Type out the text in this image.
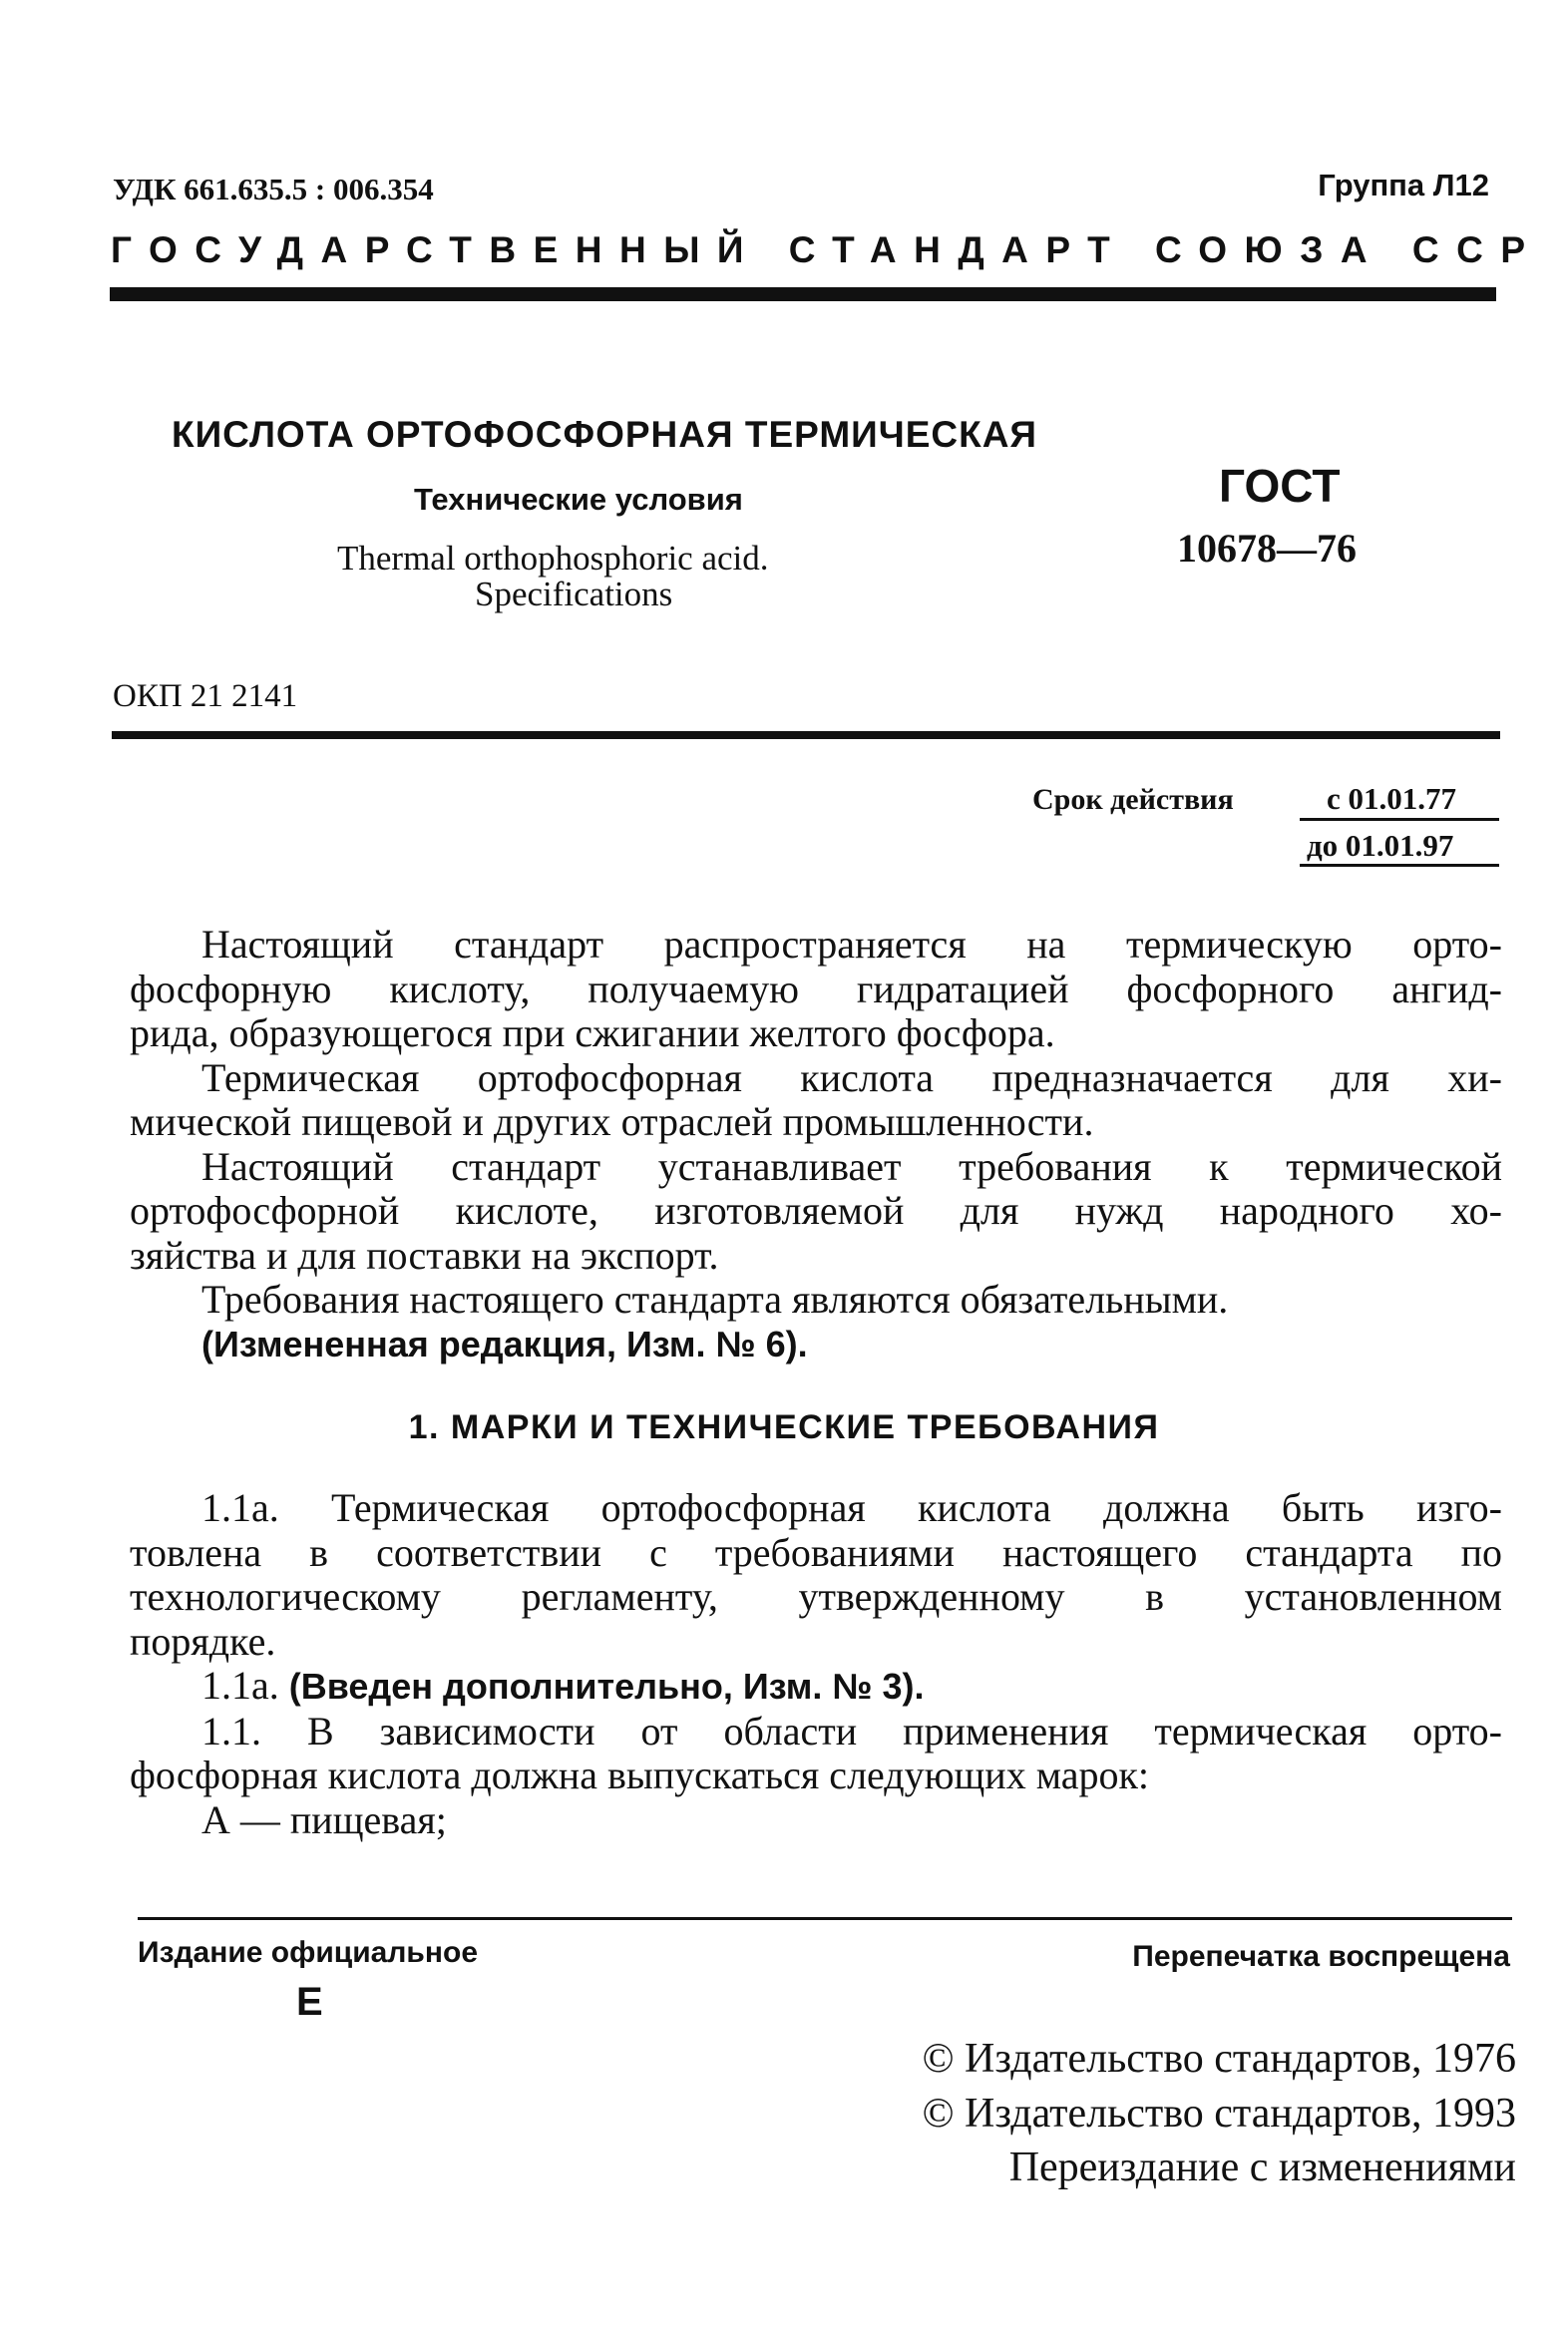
УДК 661.635.5 : 006.354	Группа Л12
ГОСУДАРСТВЕННЫЙ СТАНДАРТ СОЮЗА ССР
КИСЛОТА ОРТОФОСФОРНАЯ ТЕРМИЧЕСКАЯ
Технические условия
Thermal orthophosphoric acid.
Specifications
ГОСТ
10678—76
ОКП 21 2141
Срок действия	с 01.01.77
до 01.01.97
Настоящий стандарт распространяется на термическую орто-
фосфорную кислоту, получаемую гидратацией фосфорного ангид-
рида, образующегося при сжигании желтого фосфора.
Термическая ортофосфорная кислота предназначается для хи-
мической пищевой и других отраслей промышленности.
Настоящий стандарт устанавливает требования к термической
ортофосфорной кислоте, изготовляемой для нужд народного хо-
зяйства и для поставки на экспорт.
Требования настоящего стандарта являются обязательными.
(Измененная редакция, Изм. № 6).
1. МАРКИ И ТЕХНИЧЕСКИЕ ТРЕБОВАНИЯ
1.1а. Термическая ортофосфорная кислота должна быть изго-
товлена в соответствии с требованиями настоящего стандарта по
технологическому регламенту, утвержденному в установленном
порядке.
1.1а. (Введен дополнительно, Изм. № 3).
1.1. В зависимости от области применения термическая орто-
фосфорная кислота должна выпускаться следующих марок:
А — пищевая;
Издание официальное	Перепечатка воспрещена
Е
© Издательство стандартов, 1976
© Издательство стандартов, 1993
Переиздание с изменениями
